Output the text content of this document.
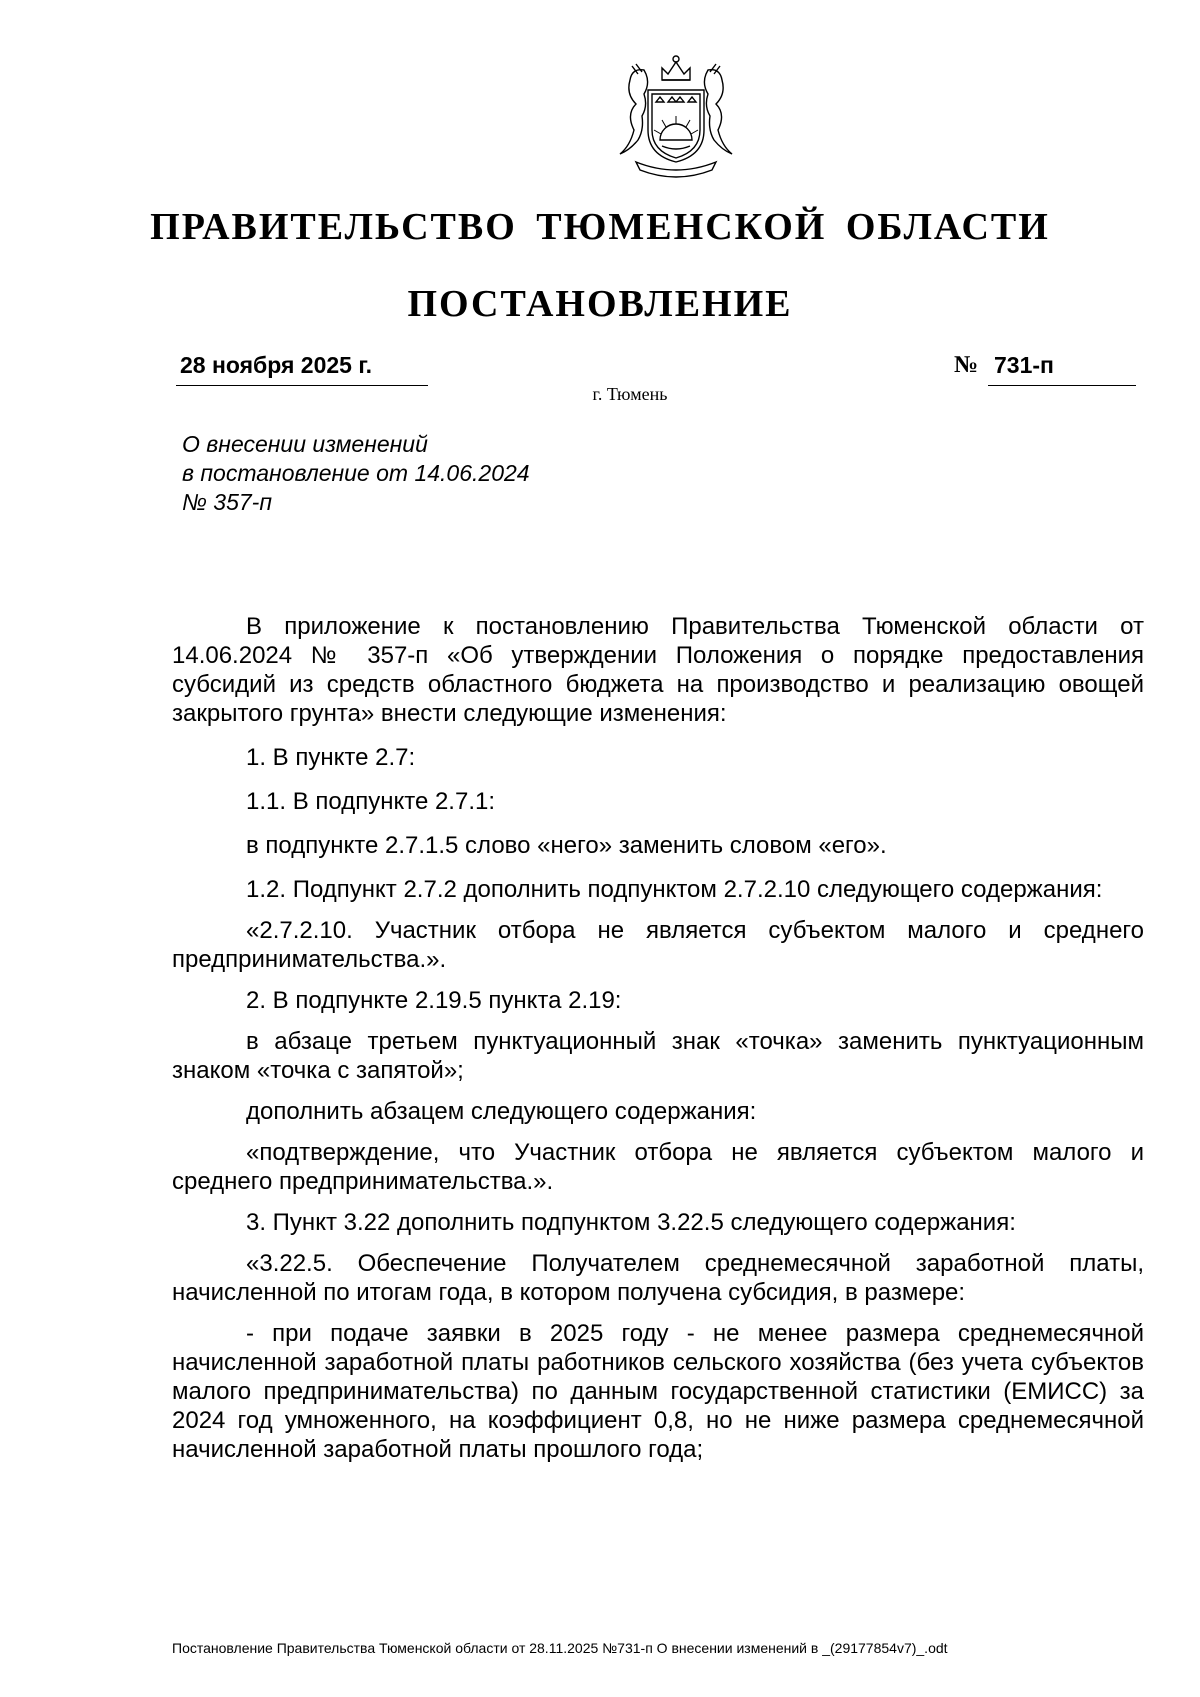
ПРАВИТЕЛЬСТВО ТЮМЕНСКОЙ ОБЛАСТИ
ПОСТАНОВЛЕНИЕ
28 ноября 2025 г.	№ 731-п
г. Тюмень
О внесении изменений
в постановление от 14.06.2024
№ 357-п

В приложение к постановлению Правительства Тюменской области от 14.06.2024 № 357-п «Об утверждении Положения о порядке предоставления субсидий из средств областного бюджета на производство и реализацию овощей закрытого грунта» внести следующие изменения:

1. В пункте 2.7:

1.1. В подпункте 2.7.1:

в подпункте 2.7.1.5 слово «него» заменить словом «его».

1.2. Подпункт 2.7.2 дополнить подпунктом 2.7.2.10 следующего содержания:

«2.7.2.10. Участник отбора не является субъектом малого и среднего предпринимательства.».

2. В подпункте 2.19.5 пункта 2.19:

в абзаце третьем пунктуационный знак «точка» заменить пунктуационным знаком «точка с запятой»;

дополнить абзацем следующего содержания:

«подтверждение, что Участник отбора не является субъектом малого и среднего предпринимательства.».

3. Пункт 3.22 дополнить подпунктом 3.22.5 следующего содержания:

«3.22.5. Обеспечение Получателем среднемесячной заработной платы, начисленной по итогам года, в котором получена субсидия, в размере:

- при подаче заявки в 2025 году - не менее размера среднемесячной начисленной заработной платы работников сельского хозяйства (без учета субъектов малого предпринимательства) по данным государственной статистики (ЕМИСС) за 2024 год умноженного, на коэффициент 0,8, но не ниже размера среднемесячной начисленной заработной платы прошлого года;

Постановление Правительства Тюменской области от 28.11.2025 №731-п О внесении изменений в _(29177854v7)_.odt
